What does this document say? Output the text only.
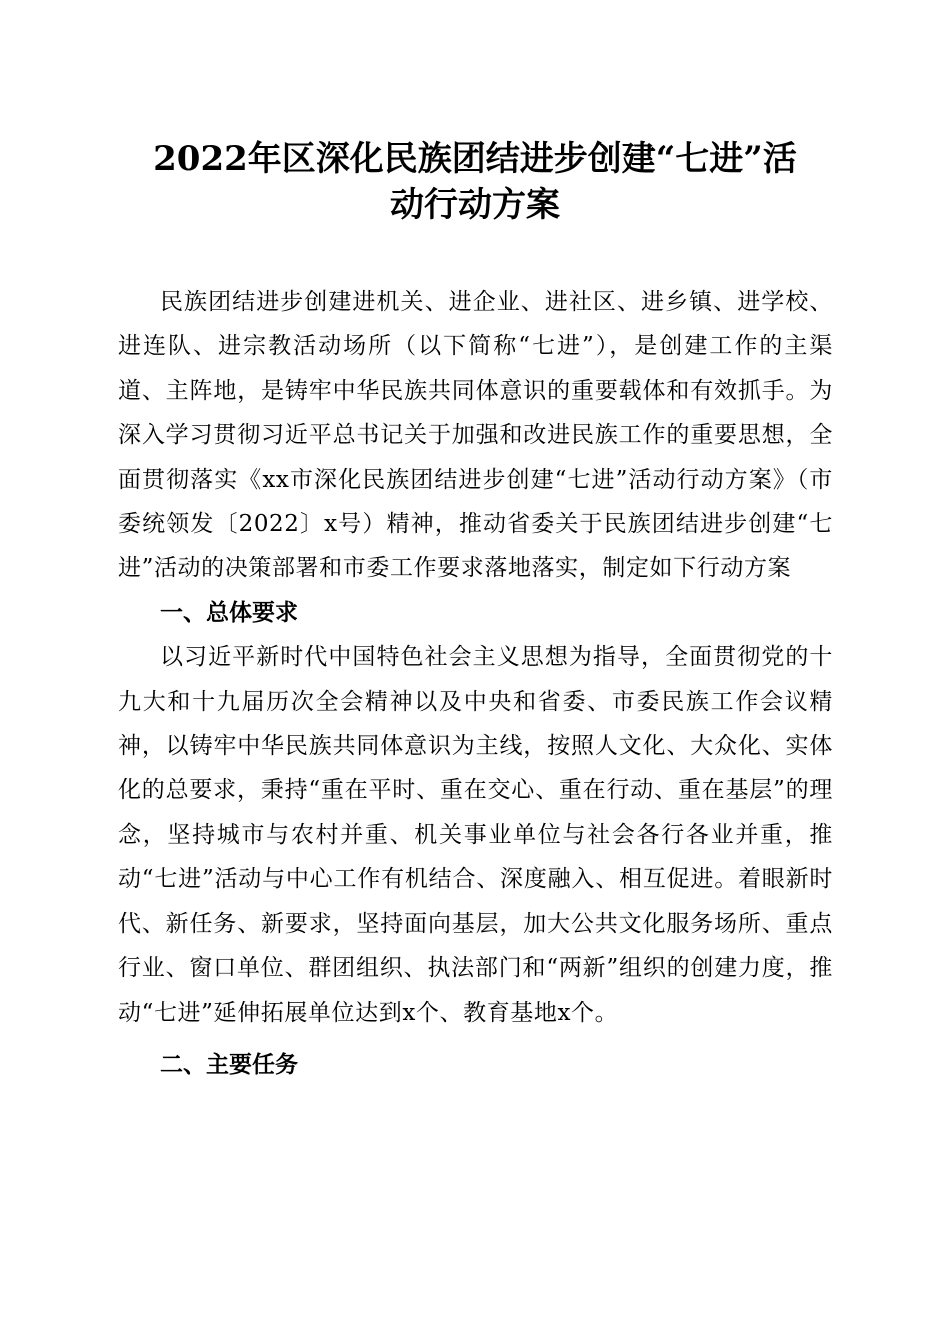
2022年区深化民族团结进步创建“七进”活
动行动方案

民族团结进步创建进机关、进企业、进社区、进乡镇、进学校、进连队、进宗教活动场所（以下简称“七进”），是创建工作的主渠道、主阵地，是铸牢中华民族共同体意识的重要载体和有效抓手。为深入学习贯彻习近平总书记关于加强和改进民族工作的重要思想，全面贯彻落实《xx市深化民族团结进步创建“七进”活动行动方案》（市委统领发〔2022〕x号）精神，推动省委关于民族团结进步创建“七进”活动的决策部署和市委工作要求落地落实，制定如下行动方案

一、总体要求

以习近平新时代中国特色社会主义思想为指导，全面贯彻党的十九大和十九届历次全会精神以及中央和省委、市委民族工作会议精神，以铸牢中华民族共同体意识为主线，按照人文化、大众化、实体化的总要求，秉持“重在平时、重在交心、重在行动、重在基层”的理念，坚持城市与农村并重、机关事业单位与社会各行各业并重，推动“七进”活动与中心工作有机结合、深度融入、相互促进。着眼新时代、新任务、新要求，坚持面向基层，加大公共文化服务场所、重点行业、窗口单位、群团组织、执法部门和“两新”组织的创建力度，推动“七进”延伸拓展单位达到x个、教育基地x个。

二、主要任务
